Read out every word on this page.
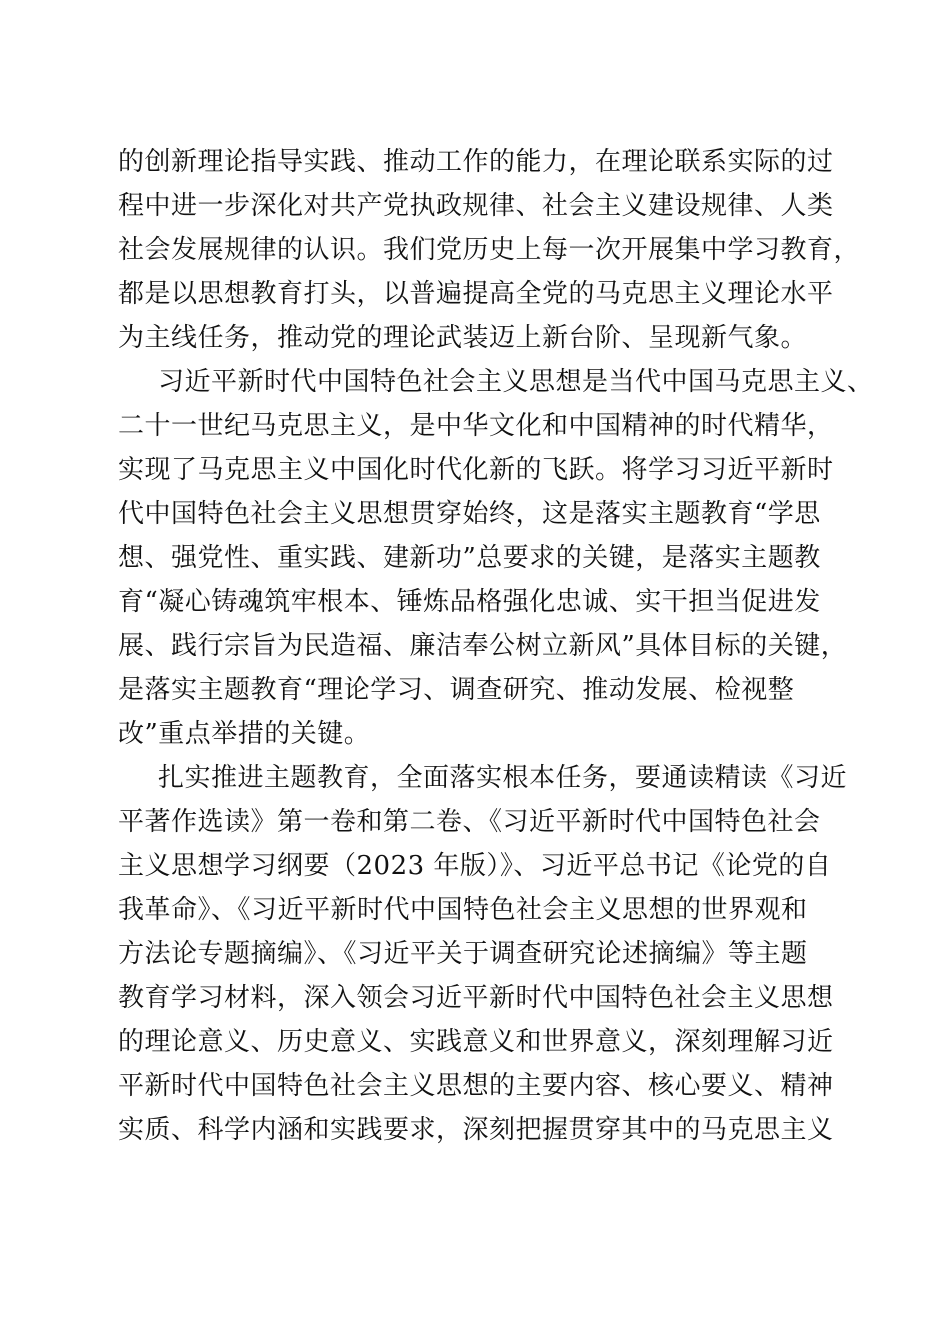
的创新理论指导实践、推动工作的能力，在理论联系实际的过
程中进一步深化对共产党执政规律、社会主义建设规律、人类
社会发展规律的认识。我们党历史上每一次开展集中学习教育，
都是以思想教育打头，以普遍提高全党的马克思主义理论水平
为主线任务，推动党的理论武装迈上新台阶、呈现新气象。
习近平新时代中国特色社会主义思想是当代中国马克思主义、
二十一世纪马克思主义，是中华文化和中国精神的时代精华，
实现了马克思主义中国化时代化新的飞跃。将学习习近平新时
代中国特色社会主义思想贯穿始终，这是落实主题教育“学思
想、强党性、重实践、建新功”总要求的关键，是落实主题教
育“凝心铸魂筑牢根本、锤炼品格强化忠诚、实干担当促进发
展、践行宗旨为民造福、廉洁奉公树立新风”具体目标的关键，
是落实主题教育“理论学习、调查研究、推动发展、检视整
改”重点举措的关键。
扎实推进主题教育，全面落实根本任务，要通读精读《习近
平著作选读》第一卷和第二卷、《习近平新时代中国特色社会
主义思想学习纲要（2023 年版）》、习近平总书记《论党的自
我革命》、《习近平新时代中国特色社会主义思想的世界观和
方法论专题摘编》、《习近平关于调查研究论述摘编》等主题
教育学习材料，深入领会习近平新时代中国特色社会主义思想
的理论意义、历史意义、实践意义和世界意义，深刻理解习近
平新时代中国特色社会主义思想的主要内容、核心要义、精神
实质、科学内涵和实践要求，深刻把握贯穿其中的马克思主义
